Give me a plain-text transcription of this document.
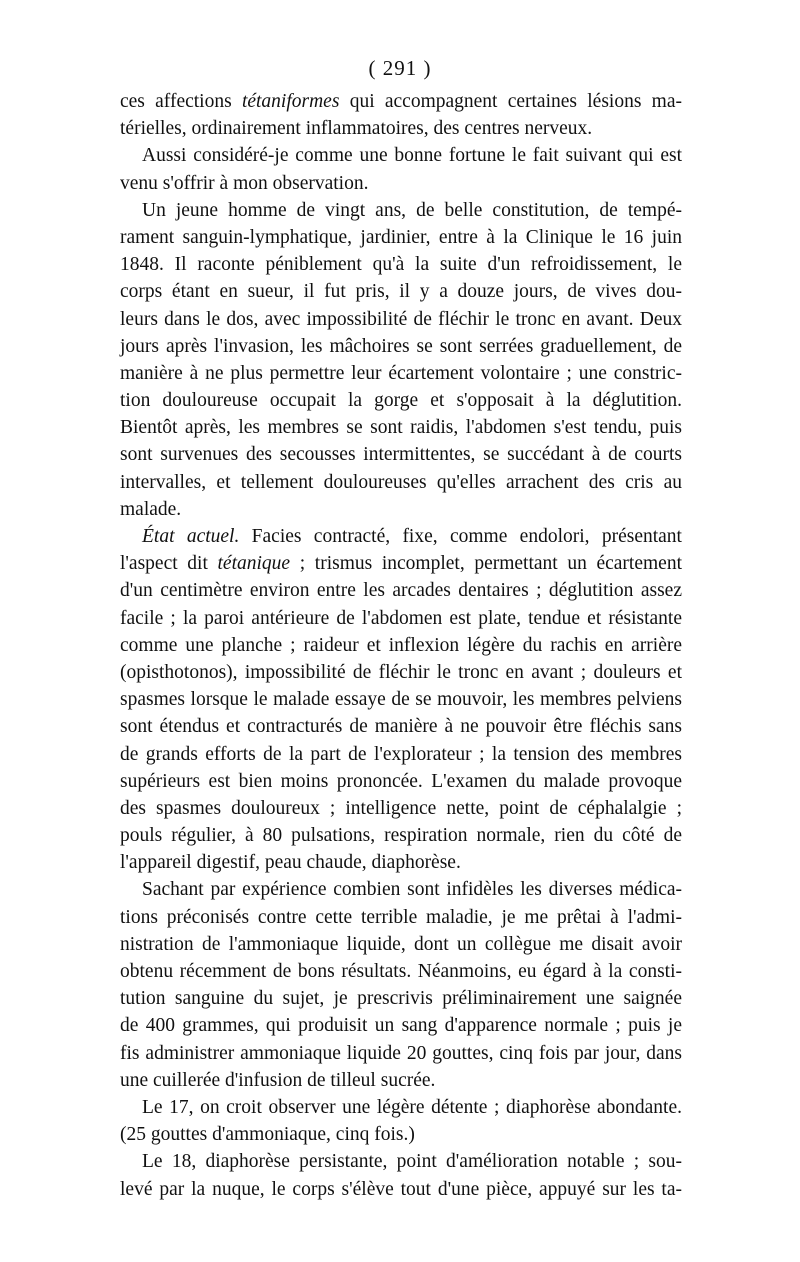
( 291 )
ces affections tétaniformes qui accompagnent certaines lésions ma-
térielles, ordinairement inflammatoires, des centres nerveux.
Aussi considéré-je comme une bonne fortune le fait suivant qui est
venu s'offrir à mon observation.
Un jeune homme de vingt ans, de belle constitution, de tempé-
rament sanguin-lymphatique, jardinier, entre à la Clinique le 16 juin
1848. Il raconte péniblement qu'à la suite d'un refroidissement, le
corps étant en sueur, il fut pris, il y a douze jours, de vives dou-
leurs dans le dos, avec impossibilité de fléchir le tronc en avant. Deux
jours après l'invasion, les mâchoires se sont serrées graduellement, de
manière à ne plus permettre leur écartement volontaire ; une constric-
tion douloureuse occupait la gorge et s'opposait à la déglutition.
Bientôt après, les membres se sont raidis, l'abdomen s'est tendu, puis
sont survenues des secousses intermittentes, se succédant à de courts
intervalles, et tellement douloureuses qu'elles arrachent des cris au
malade.
État actuel. Facies contracté, fixe, comme endolori, présentant
l'aspect dit tétanique ; trismus incomplet, permettant un écartement
d'un centimètre environ entre les arcades dentaires ; déglutition assez
facile ; la paroi antérieure de l'abdomen est plate, tendue et résistante
comme une planche ; raideur et inflexion légère du rachis en arrière
(opisthotonos), impossibilité de fléchir le tronc en avant ; douleurs et
spasmes lorsque le malade essaye de se mouvoir, les membres pelviens
sont étendus et contracturés de manière à ne pouvoir être fléchis sans
de grands efforts de la part de l'explorateur ; la tension des membres
supérieurs est bien moins prononcée. L'examen du malade provoque
des spasmes douloureux ; intelligence nette, point de céphalalgie ;
pouls régulier, à 80 pulsations, respiration normale, rien du côté de
l'appareil digestif, peau chaude, diaphorèse.
Sachant par expérience combien sont infidèles les diverses médica-
tions préconisés contre cette terrible maladie, je me prêtai à l'admi-
nistration de l'ammoniaque liquide, dont un collègue me disait avoir
obtenu récemment de bons résultats. Néanmoins, eu égard à la consti-
tution sanguine du sujet, je prescrivis préliminairement une saignée
de 400 grammes, qui produisit un sang d'apparence normale ; puis je
fis administrer ammoniaque liquide 20 gouttes, cinq fois par jour, dans
une cuillerée d'infusion de tilleul sucrée.
Le 17, on croit observer une légère détente ; diaphorèse abondante.
(25 gouttes d'ammoniaque, cinq fois.)
Le 18, diaphorèse persistante, point d'amélioration notable ; sou-
levé par la nuque, le corps s'élève tout d'une pièce, appuyé sur les ta-
